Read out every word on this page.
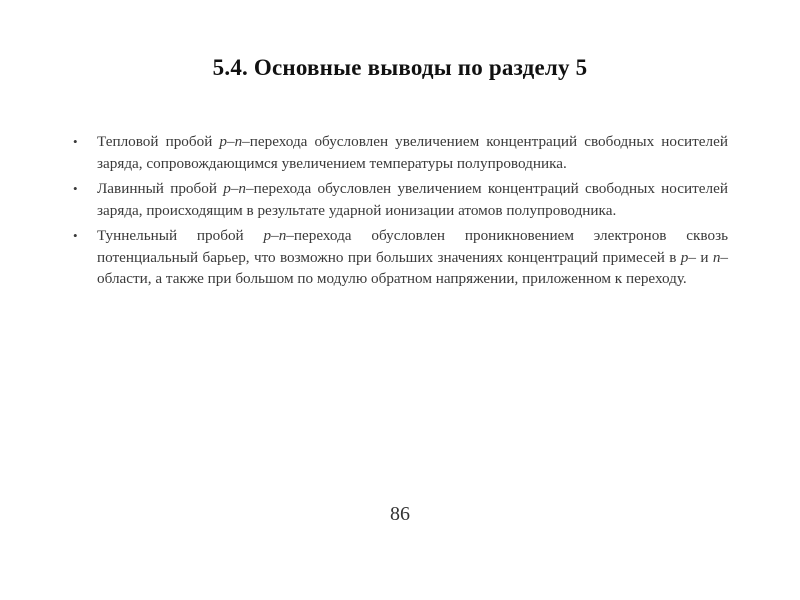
5.4. Основные выводы по разделу 5
•	Тепловой пробой p–n–перехода обусловлен увеличением концентраций свободных носителей заряда, сопровождающимся увеличением температуры полупроводника.
•	Лавинный пробой p–n–перехода обусловлен увеличением концентраций свободных носителей заряда, происходящим в результате ударной ионизации атомов полупроводника.
•	Туннельный пробой p–n–перехода обусловлен проникновением электронов сквозь потенциальный барьер, что возможно при больших значениях концентраций примесей в p– и n–области, а также при большом по модулю обратном напряжении, приложенном к переходу.
86
